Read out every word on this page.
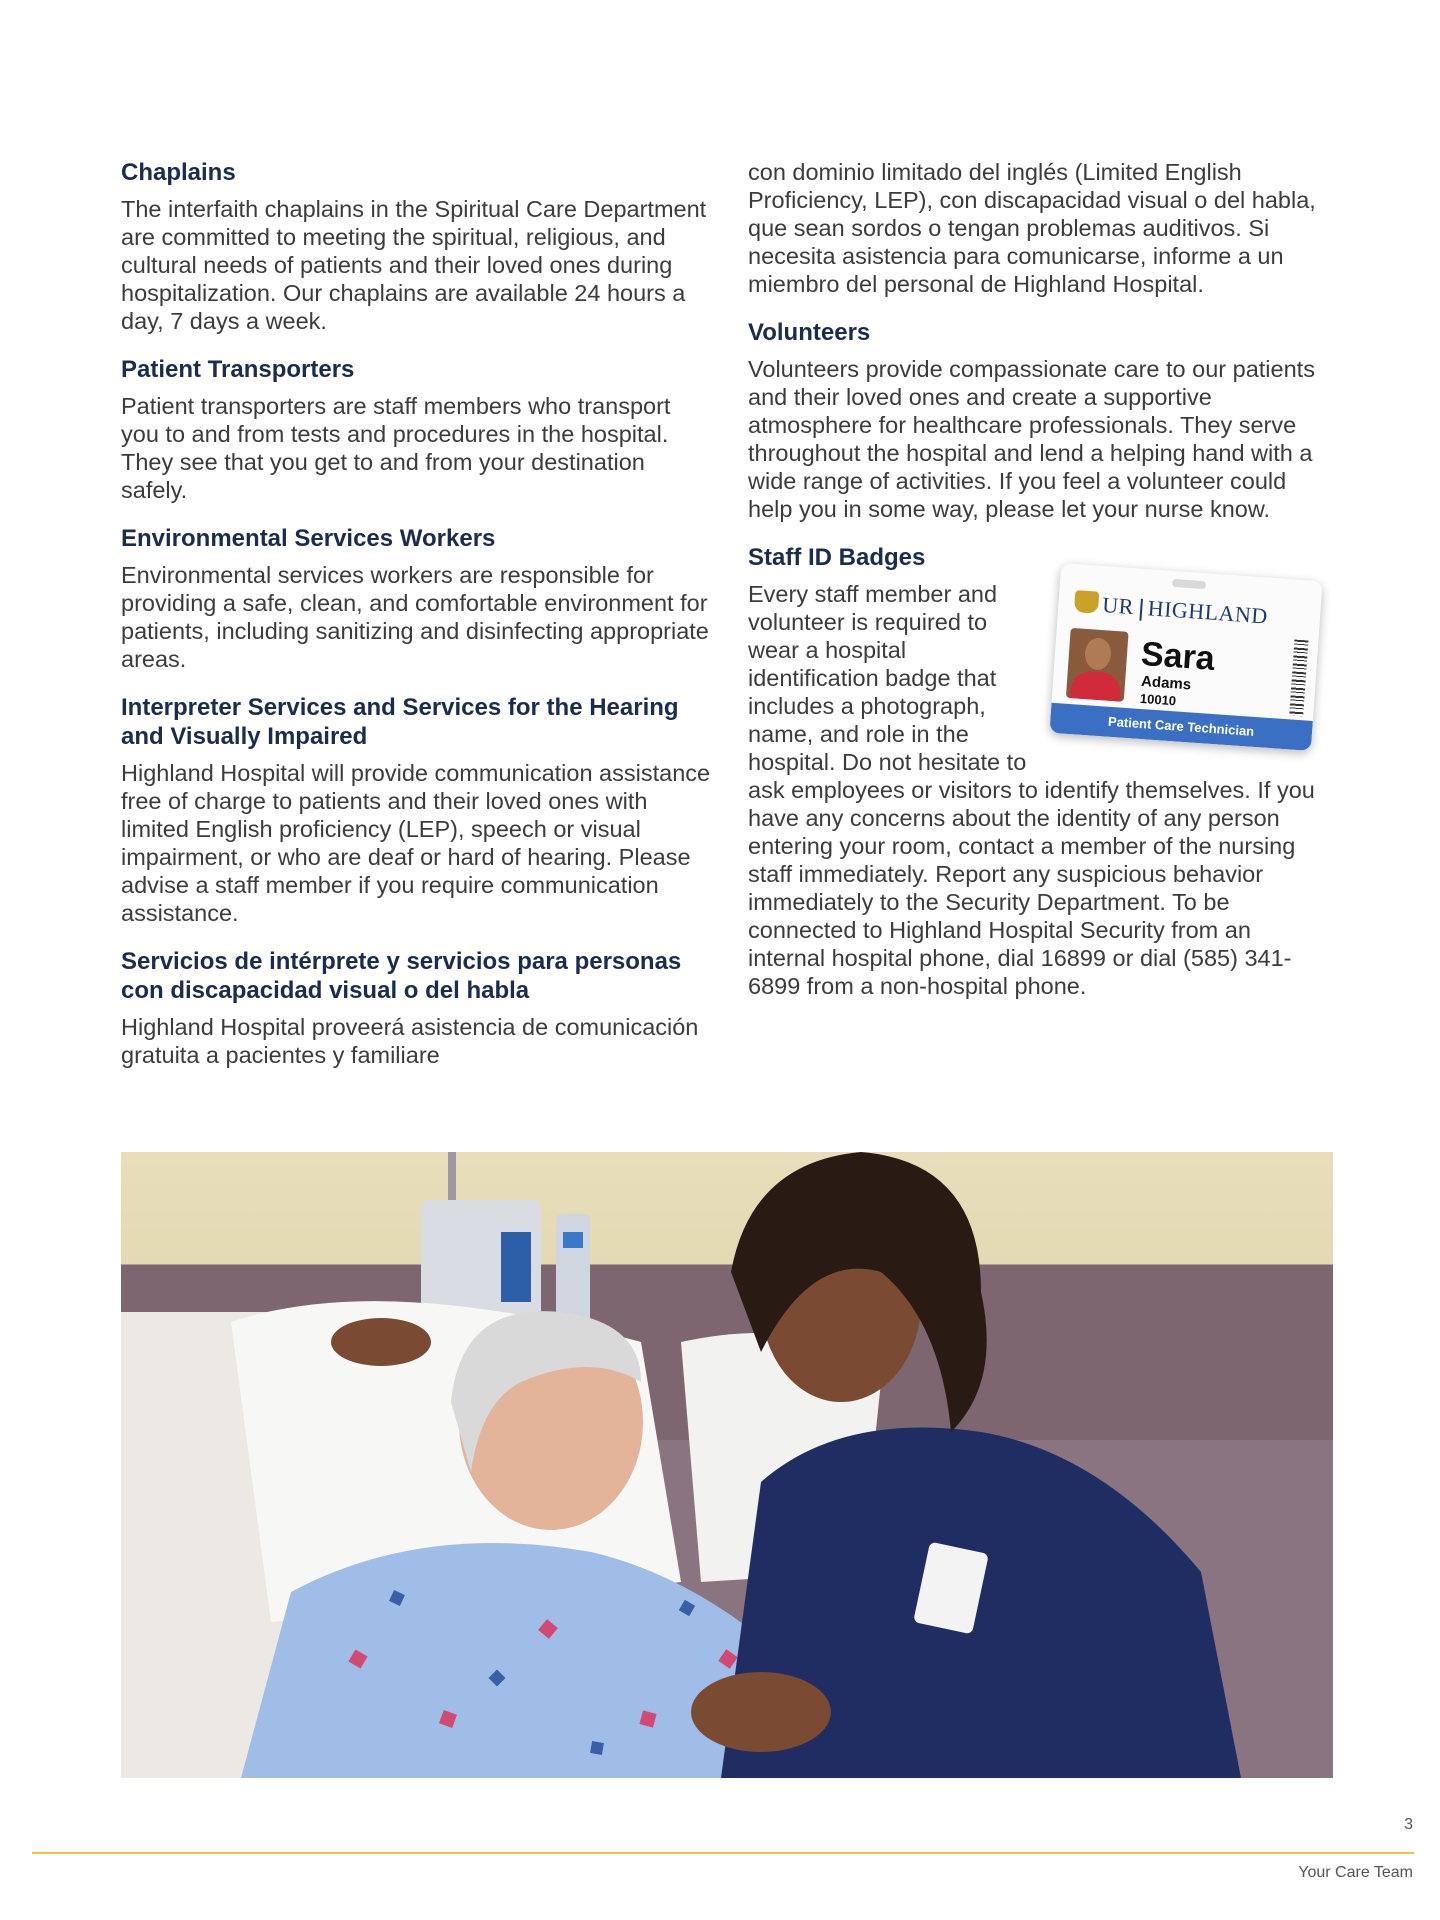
Chaplains

The interfaith chaplains in the Spiritual Care Department are committed to meeting the spiritual, religious, and cultural needs of patients and their loved ones during hospitalization. Our chaplains are available 24 hours a day, 7 days a week.

Patient Transporters

Patient transporters are staff members who transport you to and from tests and procedures in the hospital. They see that you get to and from your destination safely.

Environmental Services Workers

Environmental services workers are responsible for providing a safe, clean, and comfortable environment for patients, including sanitizing and disinfecting appropriate areas.

Interpreter Services and Services for the Hearing and Visually Impaired

Highland Hospital will provide communication assistance free of charge to patients and their loved ones with limited English proficiency (LEP), speech or visual impairment, or who are deaf or hard of hearing. Please advise a staff member if you require communication assistance.

Servicios de intérprete y servicios para personas con discapacidad visual o del habla

Highland Hospital proveerá asistencia de comunicación gratuita a pacientes y familiare

con dominio limitado del inglés (Limited English Proficiency, LEP), con discapacidad visual o del habla, que sean sordos o tengan problemas auditivos. Si necesita asistencia para comunicarse, informe a un miembro del personal de Highland Hospital.

Volunteers

Volunteers provide compassionate care to our patients and their loved ones and create a supportive atmosphere for healthcare professionals. They serve throughout the hospital and lend a helping hand with a wide range of activities. If you feel a volunteer could help you in some way, please let your nurse know.

Staff ID Badges
UR HIGHLAND
Sara
Adams
10010
Patient Care Technician

Every staff member and volunteer is required to wear a hospital identification badge that includes a photograph, name, and role in the hospital. Do not hesitate to ask employees or visitors to identify themselves. If you have any concerns about the identity of any person entering your room, contact a member of the nursing staff immediately. Report any suspicious behavior immediately to the Security Department. To be connected to Highland Hospital Security from an internal hospital phone, dial 16899 or dial (585) 341-6899 from a non-hospital phone.

3
Your Care Team
